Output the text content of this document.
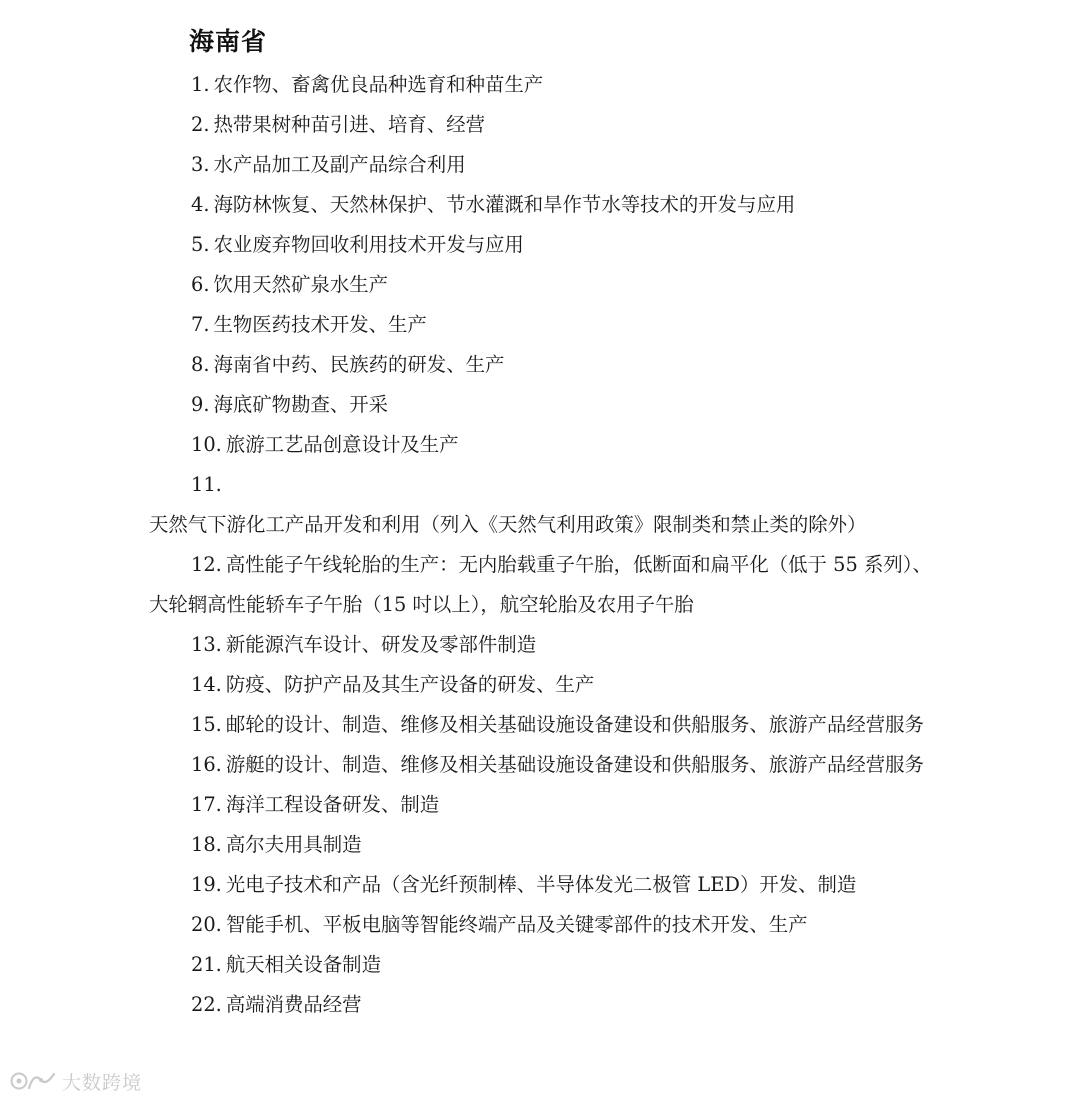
海南省
1. 农作物、畜禽优良品种选育和种苗生产
2. 热带果树种苗引进、培育、经营
3. 水产品加工及副产品综合利用
4. 海防林恢复、天然林保护、节水灌溉和旱作节水等技术的开发与应用
5. 农业废弃物回收利用技术开发与应用
6. 饮用天然矿泉水生产
7. 生物医药技术开发、生产
8. 海南省中药、民族药的研发、生产
9. 海底矿物勘查、开采
10. 旅游工艺品创意设计及生产
11.天然气下游化工产品开发和利用（列入《天然气利用政策》限制类和禁止类的除外）
12. 高性能子午线轮胎的生产：无内胎载重子午胎，低断面和扁平化（低于 55 系列）、大轮辋高性能轿车子午胎（15 吋以上），航空轮胎及农用子午胎
13. 新能源汽车设计、研发及零部件制造
14. 防疫、防护产品及其生产设备的研发、生产
15. 邮轮的设计、制造、维修及相关基础设施设备建设和供船服务、旅游产品经营服务
16. 游艇的设计、制造、维修及相关基础设施设备建设和供船服务、旅游产品经营服务
17. 海洋工程设备研发、制造
18. 高尔夫用具制造
19. 光电子技术和产品（含光纤预制棒、半导体发光二极管 LED）开发、制造
20. 智能手机、平板电脑等智能终端产品及关键零部件的技术开发、生产
21. 航天相关设备制造
22. 高端消费品经营
大数跨境
